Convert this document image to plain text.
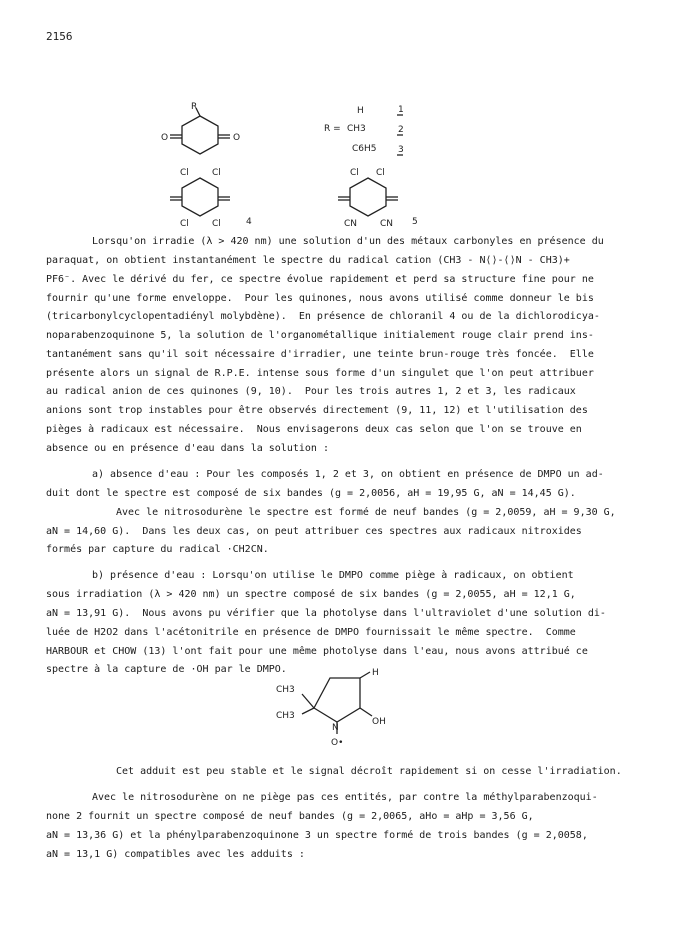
2156
R
O	O
R =
H
CH3
C6H5
1
2
3
Cl	Cl
Cl	Cl	4
Cl Cl
CN	CN 5
Lorsqu'on irradie (λ > 420 nm) une solution d'un des métaux carbonyles en présence du
paraquat, on obtient instantanément le spectre du radical cation (CH3 - N⟨⟩-⟨⟩N - CH3)+
PF6⁻. Avec le dérivé du fer, ce spectre évolue rapidement et perd sa structure fine pour ne
fournir qu'une forme enveloppe.  Pour les quinones, nous avons utilisé comme donneur le bis
(tricarbonylcyclopentadiényl molybdène).  En présence de chloranil 4 ou de la dichlorodicya-
noparabenzoquinone 5, la solution de l'organométallique initialement rouge clair prend ins-
tantanément sans qu'il soit nécessaire d'irradier, une teinte brun-rouge très foncée.  Elle
présente alors un signal de R.P.E. intense sous forme d'un singulet que l'on peut attribuer
au radical anion de ces quinones (9, 10).  Pour les trois autres 1, 2 et 3, les radicaux
anions sont trop instables pour être observés directement (9, 11, 12) et l'utilisation des
pièges à radicaux est nécessaire.  Nous envisagerons deux cas selon que l'on se trouve en
absence ou en présence d'eau dans la solution :
a) absence d'eau : Pour les composés 1, 2 et 3, on obtient en présence de DMPO un ad-
duit dont le spectre est composé de six bandes (g = 2,0056, aH = 19,95 G, aN = 14,45 G).
Avec le nitrosodurène le spectre est formé de neuf bandes (g = 2,0059, aH = 9,30 G,
aN = 14,60 G).  Dans les deux cas, on peut attribuer ces spectres aux radicaux nitroxides
formés par capture du radical ·CH2CN.
b) présence d'eau : Lorsqu'on utilise le DMPO comme piège à radicaux, on obtient
sous irradiation (λ > 420 nm) un spectre composé de six bandes (g = 2,0055, aH = 12,1 G,
aN = 13,91 G).  Nous avons pu vérifier que la photolyse dans l'ultraviolet d'une solution di-
luée de H2O2 dans l'acétonitrile en présence de DMPO fournissait le même spectre.  Comme
HARBOUR et CHOW (13) l'ont fait pour une même photolyse dans l'eau, nous avons attribué ce
spectre à la capture de ·OH par le DMPO.
CH3
CH3
N
H
OH
O•
Cet adduit est peu stable et le signal décroît rapidement si on cesse l'irradiation.
Avec le nitrosodurène on ne piège pas ces entités, par contre la méthylparabenzoqui-
none 2 fournit un spectre composé de neuf bandes (g = 2,0065, aHo = aHp = 3,56 G,
aN = 13,36 G) et la phénylparabenzoquinone 3 un spectre formé de trois bandes (g = 2,0058,
aN = 13,1 G) compatibles avec les adduits :
